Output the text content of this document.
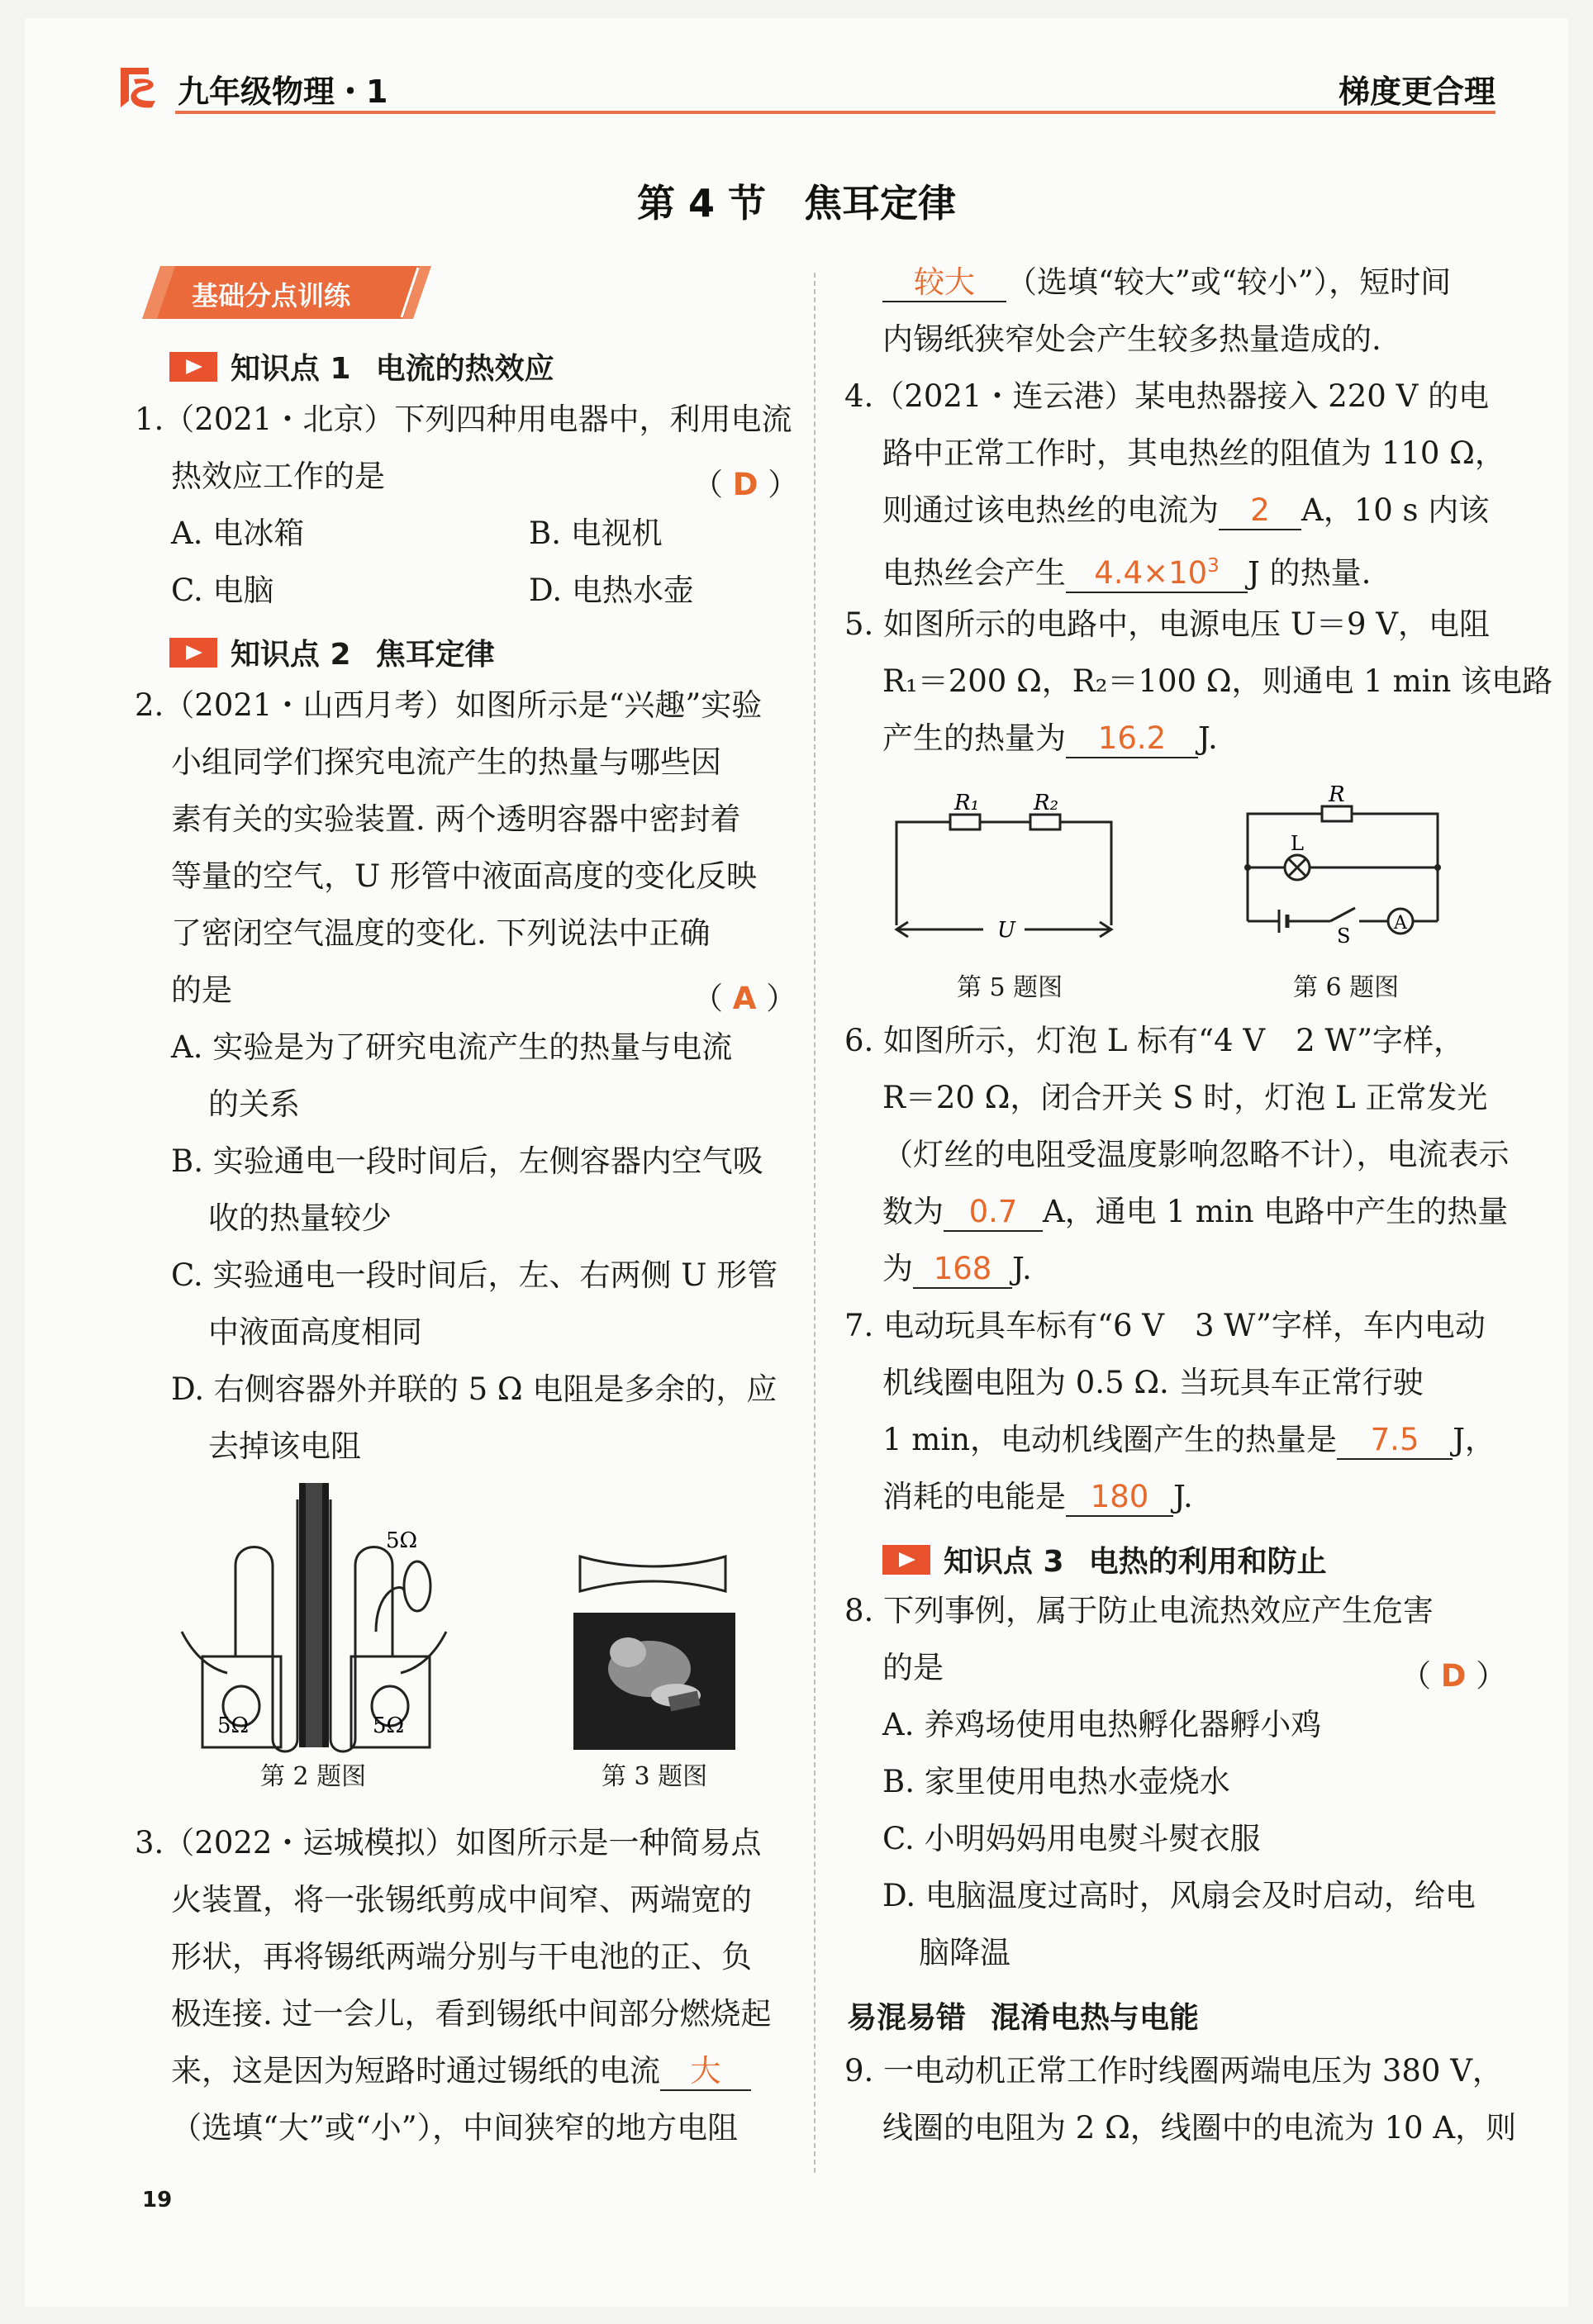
九年级物理・1	梯度更合理
第 4 节　焦耳定律
基础分点训练
知识点 1 电流的热效应
1.（2021・北京）下列四种用电器中，利用电流
热效应工作的是	（ D ）
A. 电冰箱	B. 电视机
C. 电脑	D. 电热水壶
知识点 2 焦耳定律
2.（2021・山西月考）如图所示是“兴趣”实验
小组同学们探究电流产生的热量与哪些因
素有关的实验装置. 两个透明容器中密封着
等量的空气，U 形管中液面高度的变化反映
了密闭空气温度的变化. 下列说法中正确
的是	（ A ）
A. 实验是为了研究电流产生的热量与电流
的关系
B. 实验通电一段时间后，左侧容器内空气吸
收的热量较少
C. 实验通电一段时间后，左、右两侧 U 形管
中液面高度相同
D. 右侧容器外并联的 5 Ω 电阻是多余的，应
去掉该电阻
5Ω
5Ω	5Ω
第 2 题图	第 3 题图
3.（2022・运城模拟）如图所示是一种简易点
火装置，将一张锡纸剪成中间窄、两端宽的
形状，再将锡纸两端分别与干电池的正、负
极连接. 过一会儿，看到锡纸中间部分燃烧起
来，这是因为短路时通过锡纸的电流 大
（选填“大”或“小”），中间狭窄的地方电阻
19
较大 （选填“较大”或“较小”），短时间
内锡纸狭窄处会产生较多热量造成的.
4.（2021・连云港）某电热器接入 220 V 的电
路中正常工作时，其电热丝的阻值为 110 Ω，
则通过该电热丝的电流为 2 A，10 s 内该
电热丝会产生 $4.4\times 10^3$ J 的热量.
5. 如图所示的电路中，电源电压 U＝9 V，电阻
R₁＝200 Ω，R₂＝100 Ω，则通电 1 min 该电路
产生的热量为 16.2 J.
R₁	R₂
U
第 5 题图
R
L
S
A
第 6 题图
6. 如图所示，灯泡 L 标有“4 V　2 W”字样，
R＝20 Ω，闭合开关 S 时，灯泡 L 正常发光
（灯丝的电阻受温度影响忽略不计），电流表示
数为 0.7 A，通电 1 min 电路中产生的热量
为 168 J.
7. 电动玩具车标有“6 V　3 W”字样，车内电动
机线圈电阻为 0.5 Ω. 当玩具车正常行驶
1 min，电动机线圈产生的热量是 7.5 J，
消耗的电能是 180 J.
知识点 3 电热的利用和防止
8. 下列事例，属于防止电流热效应产生危害
的是	（ D ）
A. 养鸡场使用电热孵化器孵小鸡
B. 家里使用电热水壶烧水
C. 小明妈妈用电熨斗熨衣服
D. 电脑温度过高时，风扇会及时启动，给电
脑降温
易混易错 混淆电热与电能
9. 一电动机正常工作时线圈两端电压为 380 V，
线圈的电阻为 2 Ω，线圈中的电流为 10 A，则
